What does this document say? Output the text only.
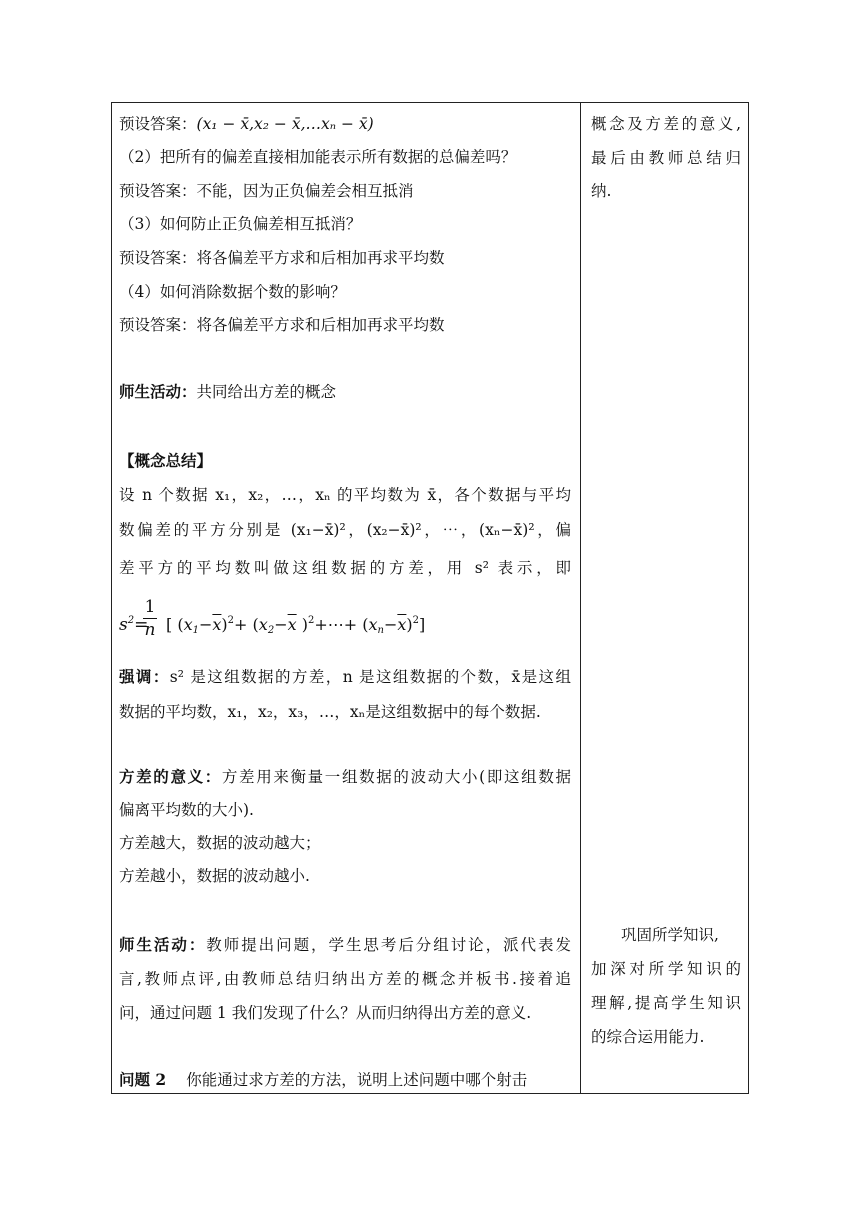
预设答案：(x₁ − x̄,x₂ − x̄,…xₙ − x̄)
（2）把所有的偏差直接相加能表示所有数据的总偏差吗？
预设答案：不能，因为正负偏差会相互抵消
（3）如何防止正负偏差相互抵消？
预设答案：将各偏差平方求和后相加再求平均数
（4）如何消除数据个数的影响？
预设答案：将各偏差平方求和后相加再求平均数
师生活动：共同给出方差的概念
【概念总结】
设 n 个数据 x₁，x₂，…，xₙ 的平均数为 x̄，各个数据与平均
数偏差的平方分别是 (x₁−x̄)²，(x₂−x̄)²，⋯，(xₙ−x̄)²，偏
差平方的平均数叫做这组数据的方差，用 s² 表示，即
$s^2=$
1
n [ $(x_1-\overline{x})^2+ (x_2-\overline{x}$ )$^2$+⋯+ $(x_n-\overline{x})^2$]
强调：s² 是这组数据的方差，n 是这组数据的个数，x̄是这组
数据的平均数，x₁，x₂，x₃，…，xₙ是这组数据中的每个数据.
方差的意义：方差用来衡量一组数据的波动大小(即这组数据
偏离平均数的大小).
方差越大，数据的波动越大；
方差越小，数据的波动越小.
师生活动：教师提出问题，学生思考后分组讨论，派代表发
言,教师点评,由教师总结归纳出方差的概念并板书.接着追
问，通过问题 1 我们发现了什么？从而归纳得出方差的意义.
问题 2 你能通过求方差的方法，说明上述问题中哪个射击
概念及方差的意义,
最后由教师总结归
纳.
巩固所学知识,
加深对所学知识的
理解,提高学生知识
的综合运用能力.
